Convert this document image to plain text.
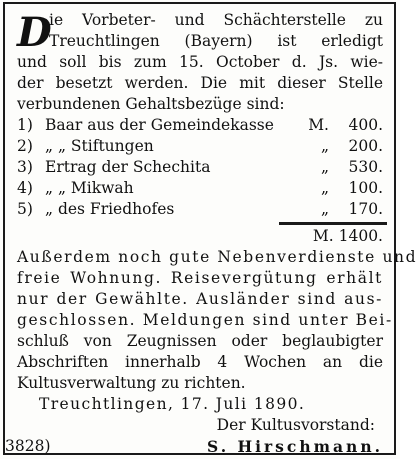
D
ie Vorbeter- und Schächterstelle zu
Treuchtlingen (Bayern) ist erledigt
und soll bis zum 15. October d. Js. wie-
der besetzt werden. Die mit dieser Stelle
verbundenen Gehaltsbezüge sind:
1) Baar aus der Gemeindekasse	M.	400.
2) „ „ Stiftungen	„	200.
3) Ertrag der Schechita	„	530.
4) „ „ Mikwah	„	100.
5) „ des Friedhofes	„	170.
M. 1400.
Außerdem noch gute Nebenverdienste und
freie Wohnung. Reisevergütung erhält
nur der Gewählte. Ausländer sind aus-
geschlossen. Meldungen sind unter Bei-
schluß von Zeugnissen oder beglaubigter
Abschriften innerhalb 4 Wochen an die
Kultusverwaltung zu richten.
Treuchtlingen, 17. Juli 1890.
Der Kultusvorstand:
3828)	S. Hirschmann.
